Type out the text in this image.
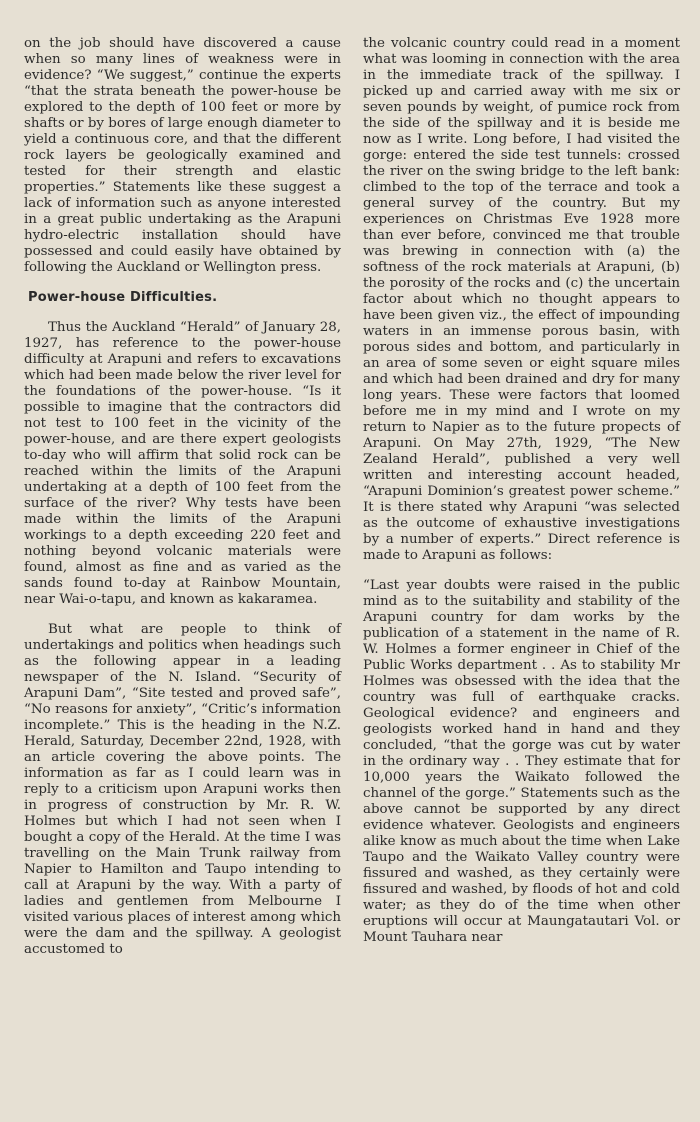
on the job should have discovered a cause when so many lines of weakness were in evidence? “We suggest,” continue the experts “that the strata beneath the power-house be explored to the depth of 100 feet or more by shafts or by bores of large enough diameter to yield a continuous core, and that the different rock layers be geologically examined and tested for their strength and elastic properties.” Statements like these suggest a lack of information such as anyone interested in a great public undertaking as the Arapuni hydro-electric installation should have possessed and could easily have obtained by following the Auckland or Wellington press.

Power-house Difficulties.

Thus the Auckland “Herald” of January 28, 1927, has reference to the power-house difficulty at Arapuni and refers to excavations which had been made below the river level for the foundations of the power-house. “Is it possible to imagine that the contractors did not test to 100 feet in the vicinity of the power-house, and are there expert geologists to-day who will affirm that solid rock can be reached within the limits of the Arapuni undertaking at a depth of 100 feet from the surface of the river? Why tests have been made within the limits of the Arapuni workings to a depth exceeding 220 feet and nothing beyond volcanic materials were found, almost as fine and as varied as the sands found to-day at Rainbow Mountain, near Wai-o-tapu, and known as kakaramea.

But what are people to think of undertakings and politics when headings such as the following appear in a leading newspaper of the N. Island. “Security of Arapuni Dam”, “Site tested and proved safe”, “No reasons for anxiety”, “Critic’s information incomplete.” This is the heading in the N.Z. Herald, Saturday, December 22nd, 1928, with an article covering the above points. The information as far as I could learn was in reply to a criticism upon Arapuni works then in progress of construction by Mr. R. W. Holmes but which I had not seen when I bought a copy of the Herald. At the time I was travelling on the Main Trunk railway from Napier to Hamilton and Taupo intending to call at Arapuni by the way. With a party of ladies and gentlemen from Melbourne I visited various places of interest among which were the dam and the spillway. A geologist accustomed to

the volcanic country could read in a moment what was looming in connection with the area in the immediate track of the spillway. I picked up and carried away with me six or seven pounds by weight, of pumice rock from the side of the spillway and it is beside me now as I write. Long before, I had visited the gorge: entered the side test tunnels: crossed the river on the swing bridge to the left bank: climbed to the top of the terrace and took a general survey of the country. But my experiences on Christmas Eve 1928 more than ever before, convinced me that trouble was brewing in connection with (a) the softness of the rock materials at Arapuni, (b) the porosity of the rocks and (c) the uncertain factor about which no thought appears to have been given viz., the effect of impounding waters in an immense porous basin, with porous sides and bottom, and particularly in an area of some seven or eight square miles and which had been drained and dry for many long years. These were factors that loomed before me in my mind and I wrote on my return to Napier as to the future propects of Arapuni. On May 27th, 1929, “The New Zealand Herald”, published a very well written and interesting account headed, “Arapuni Dominion’s greatest power scheme.” It is there stated why Arapuni “was selected as the outcome of exhaustive investigations by a number of experts.” Direct reference is made to Arapuni as follows:

“Last year doubts were raised in the public mind as to the suitability and stability of the Arapuni country for dam works by the publication of a statement in the name of R. W. Holmes a former engineer in Chief of the Public Works department . . As to stability Mr Holmes was obsessed with the idea that the country was full of earthquake cracks. Geological evidence? and engineers and geologists worked hand in hand and they concluded, “that the gorge was cut by water in the ordinary way . . They estimate that for 10,000 years the Waikato followed the channel of the gorge.” Statements such as the above cannot be supported by any direct evidence whatever. Geologists and engineers alike know as much about the time when Lake Taupo and the Waikato Valley country were fissured and washed, as they certainly were fissured and washed, by floods of hot and cold water; as they do of the time when other eruptions will occur at Maungatautari Vol. or Mount Tauhara near
